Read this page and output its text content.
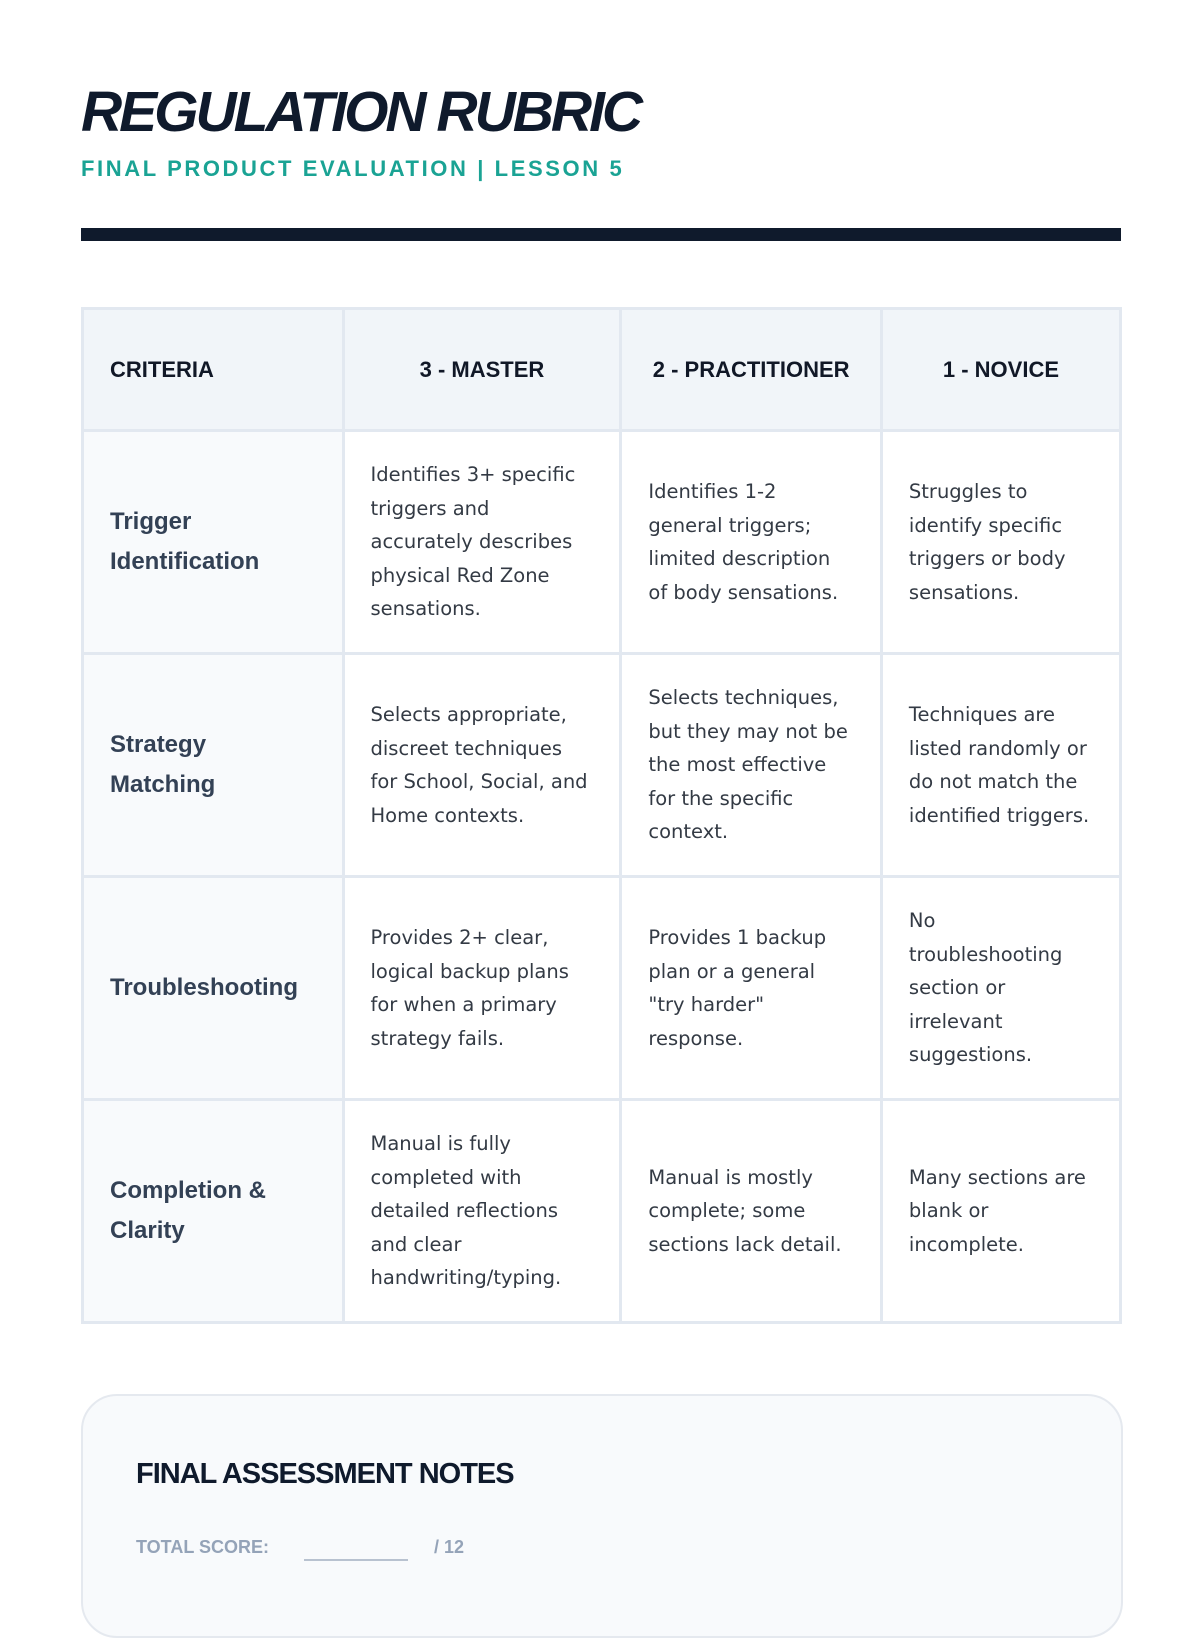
REGULATION RUBRIC
FINAL PRODUCT EVALUATION | LESSON 5
CRITERIA	3 - MASTER	2 - PRACTITIONER	1 - NOVICE
Trigger Identification	Identifies 3+ specific triggers and accurately describes physical Red Zone sensations.	Identifies 1-2 general triggers; limited description of body sensations.	Struggles to identify specific triggers or body sensations.
Strategy Matching	Selects appropriate, discreet techniques for School, Social, and Home contexts.	Selects techniques, but they may not be the most effective for the specific context.	Techniques are listed randomly or do not match the identified triggers.
Troubleshooting	Provides 2+ clear, logical backup plans for when a primary strategy fails.	Provides 1 backup plan or a general "try harder" response.	No troubleshooting section or irrelevant suggestions.
Completion & Clarity	Manual is fully completed with detailed reflections and clear handwriting/typing.	Manual is mostly complete; some sections lack detail.	Many sections are blank or incomplete.
FINAL ASSESSMENT NOTES
TOTAL SCORE:	/ 12
